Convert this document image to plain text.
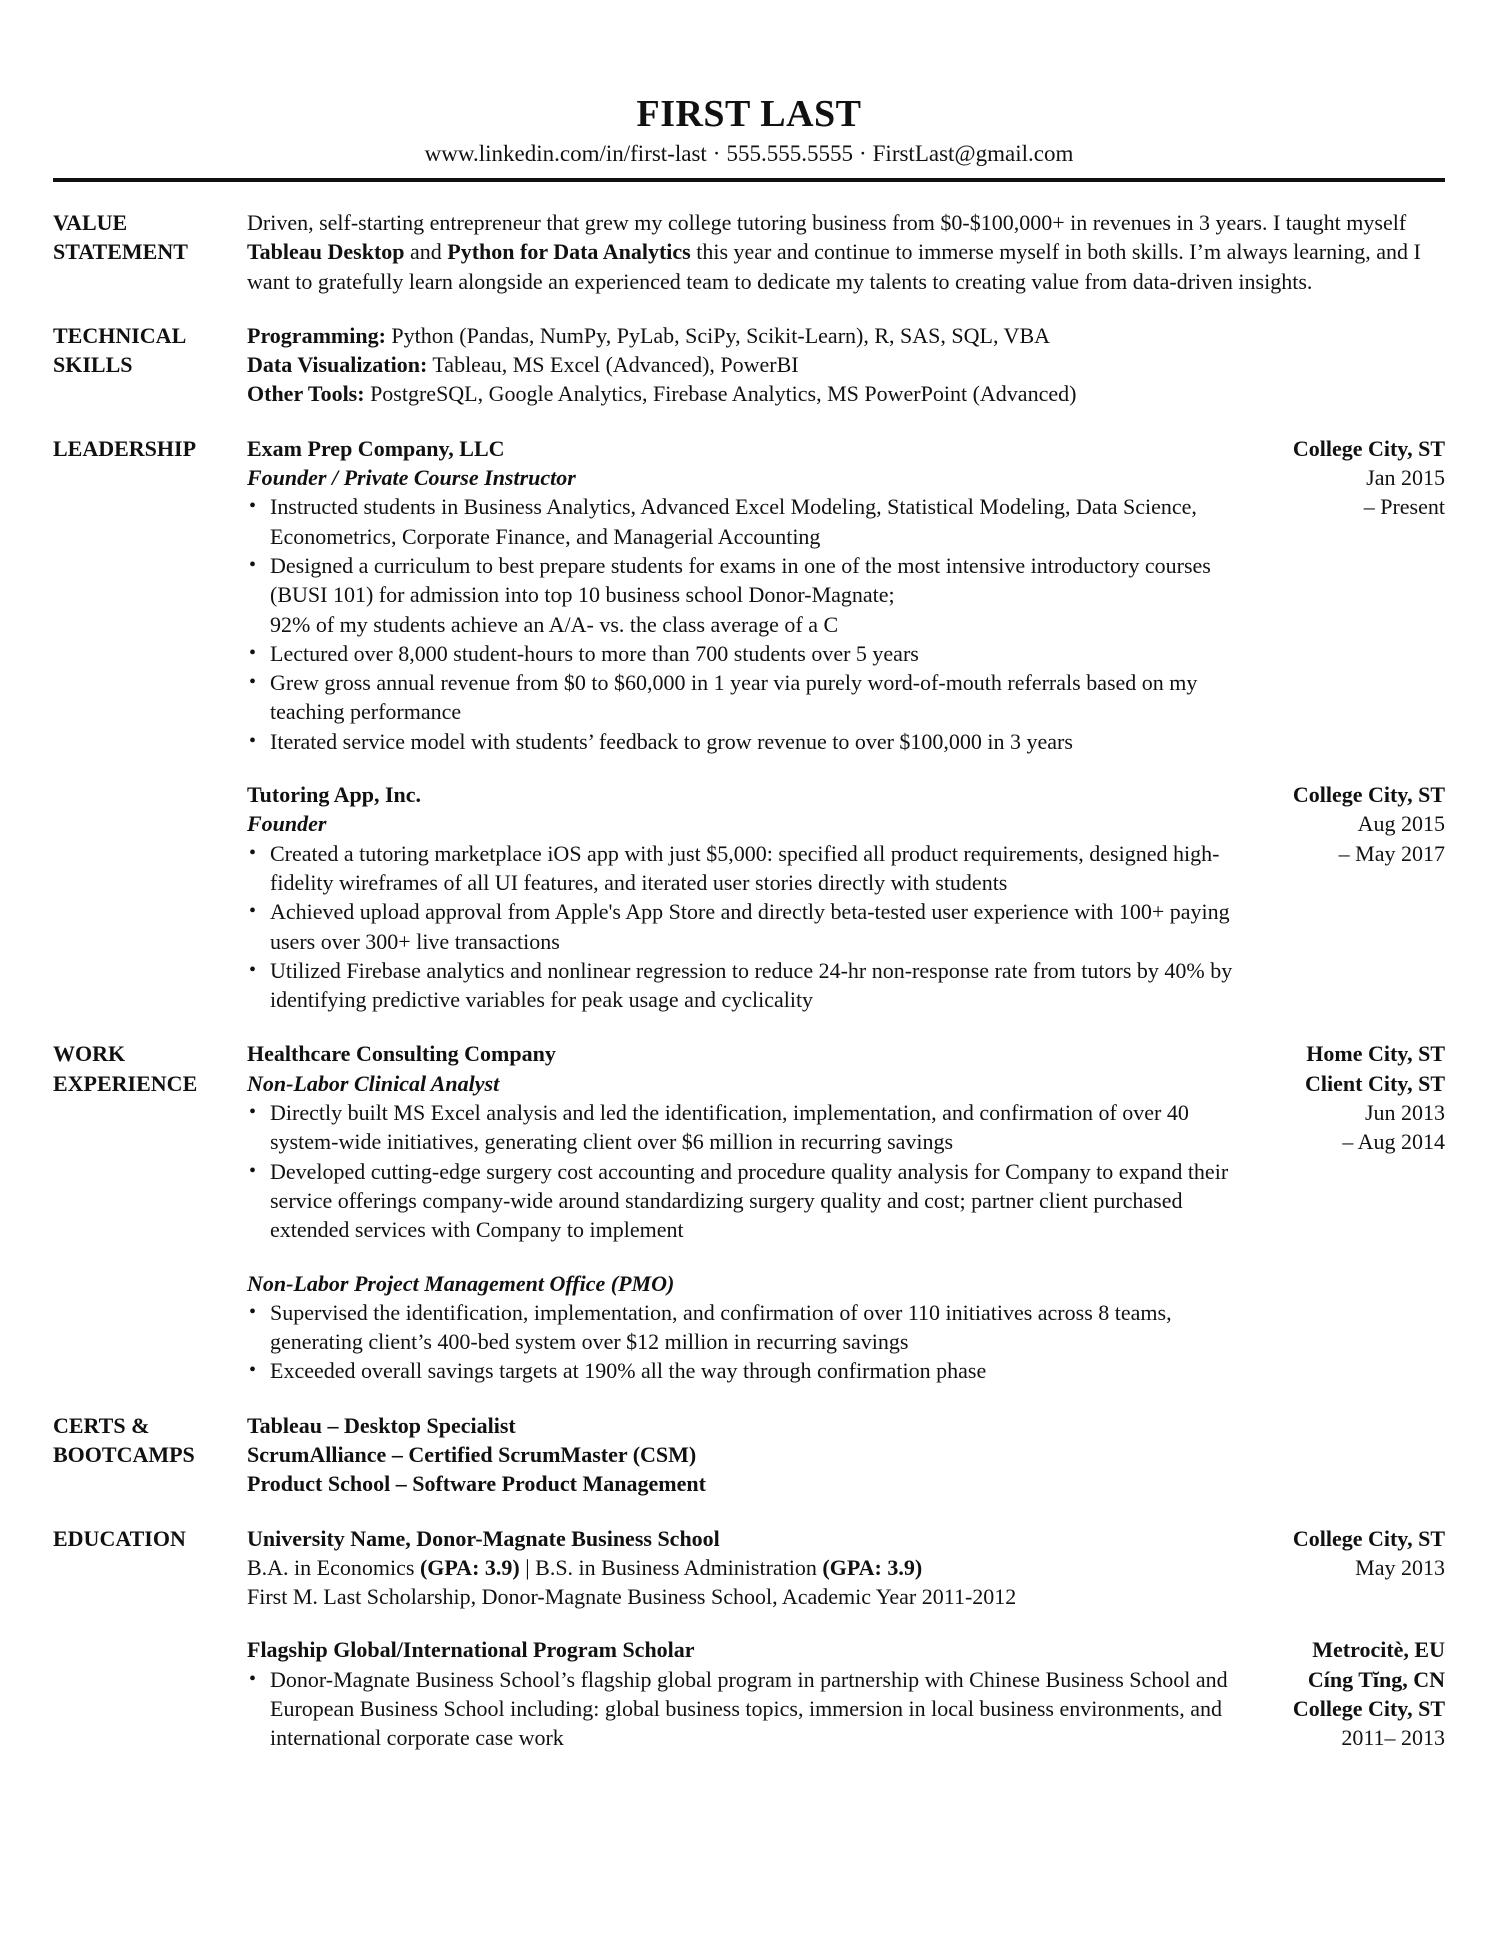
FIRST LAST
www.linkedin.com/in/first-last · 555.555.5555 · FirstLast@gmail.com
VALUE
STATEMENT
Driven, self-starting entrepreneur that grew my college tutoring business from $0-$100,000+ in revenues in 3 years. I taught myself Tableau Desktop and Python for Data Analytics this year and continue to immerse myself in both skills. I’m always learning, and I want to gratefully learn alongside an experienced team to dedicate my talents to creating value from data-driven insights.
TECHNICAL
SKILLS
Programming: Python (Pandas, NumPy, PyLab, SciPy, Scikit-Learn), R, SAS, SQL, VBA
Data Visualization: Tableau, MS Excel (Advanced), PowerBI
Other Tools: PostgreSQL, Google Analytics, Firebase Analytics, MS PowerPoint (Advanced)
LEADERSHIP	Exam Prep Company, LLC
Founder / Private Course Instructor
• Instructed students in Business Analytics, Advanced Excel Modeling, Statistical Modeling, Data Science, Econometrics, Corporate Finance, and Managerial Accounting
• Designed a curriculum to best prepare students for exams in one of the most intensive introductory courses (BUSI 101) for admission into top 10 business school Donor-Magnate;
92% of my students achieve an A/A- vs. the class average of a C
• Lectured over 8,000 student-hours to more than 700 students over 5 years
• Grew gross annual revenue from $0 to $60,000 in 1 year via purely word-of-mouth referrals based on my teaching performance
• Iterated service model with students’ feedback to grow revenue to over $100,000 in 3 years
College City, ST
Jan 2015
– Present
Tutoring App, Inc.
Founder
• Created a tutoring marketplace iOS app with just $5,000: specified all product requirements, designed high-fidelity wireframes of all UI features, and iterated user stories directly with students
• Achieved upload approval from Apple's App Store and directly beta-tested user experience with 100+ paying users over 300+ live transactions
• Utilized Firebase analytics and nonlinear regression to reduce 24-hr non-response rate from tutors by 40% by identifying predictive variables for peak usage and cyclicality
College City, ST
Aug 2015
– May 2017
WORK
EXPERIENCE
Healthcare Consulting Company
Non-Labor Clinical Analyst
• Directly built MS Excel analysis and led the identification, implementation, and confirmation of over 40 system-wide initiatives, generating client over $6 million in recurring savings
• Developed cutting-edge surgery cost accounting and procedure quality analysis for Company to expand their service offerings company-wide around standardizing surgery quality and cost; partner client purchased extended services with Company to implement
Non-Labor Project Management Office (PMO)
• Supervised the identification, implementation, and confirmation of over 110 initiatives across 8 teams, generating client’s 400-bed system over $12 million in recurring savings
• Exceeded overall savings targets at 190% all the way through confirmation phase
Home City, ST
Client City, ST
Jun 2013
– Aug 2014
CERTS &
BOOTCAMPS
Tableau – Desktop Specialist
ScrumAlliance – Certified ScrumMaster (CSM)
Product School – Software Product Management
EDUCATION	University Name, Donor-Magnate Business School
B.A. in Economics (GPA: 3.9) | B.S. in Business Administration (GPA: 3.9)
First M. Last Scholarship, Donor-Magnate Business School, Academic Year 2011-2012
College City, ST
May 2013
Flagship Global/International Program Scholar
• Donor-Magnate Business School’s flagship global program in partnership with Chinese Business School and European Business School including: global business topics, immersion in local business environments, and international corporate case work
Metrocitè, EU
Cíng Tĭng, CN
College City, ST
2011– 2013
